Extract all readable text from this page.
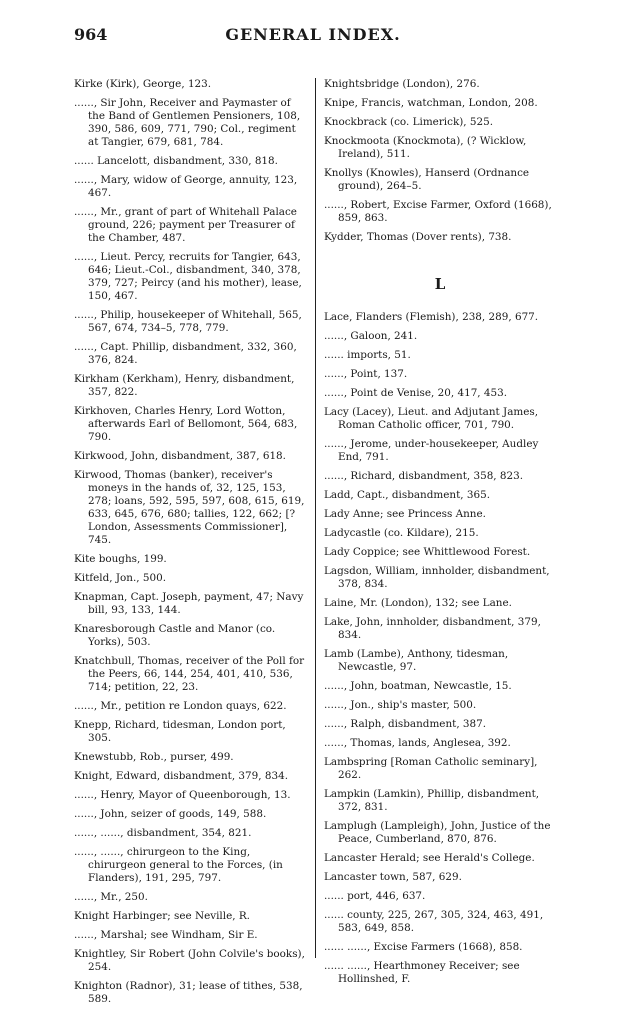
964	GENERAL INDEX.
Kirke (Kirk), George, 123.
......, Sir John, Receiver and Paymaster of the Band of Gentlemen Pensioners, 108, 390, 586, 609, 771, 790; Col., regiment at Tangier, 679, 681, 784.
...... Lancelott, disbandment, 330, 818.
......, Mary, widow of George, annuity, 123, 467.
......, Mr., grant of part of Whitehall Palace ground, 226; payment per Treasurer of the Chamber, 487.
......, Lieut. Percy, recruits for Tangier, 643, 646; Lieut.-Col., disbandment, 340, 378, 379, 727; Peircy (and his mother), lease, 150, 467.
......, Philip, housekeeper of Whitehall, 565, 567, 674, 734–5, 778, 779.
......, Capt. Phillip, disbandment, 332, 360, 376, 824.
Kirkham (Kerkham), Henry, disbandment, 357, 822.
Kirkhoven, Charles Henry, Lord Wotton, afterwards Earl of Bellomont, 564, 683, 790.
Kirkwood, John, disbandment, 387, 618.
Kirwood, Thomas (banker), receiver's moneys in the hands of, 32, 125, 153, 278; loans, 592, 595, 597, 608, 615, 619, 633, 645, 676, 680; tallies, 122, 662; [? London, Assessments Commissioner], 745.
Kite boughs, 199.
Kitfeld, Jon., 500.
Knapman, Capt. Joseph, payment, 47; Navy bill, 93, 133, 144.
Knaresborough Castle and Manor (co. Yorks), 503.
Knatchbull, Thomas, receiver of the Poll for the Peers, 66, 144, 254, 401, 410, 536, 714; petition, 22, 23.
......, Mr., petition re London quays, 622.
Knepp, Richard, tidesman, London port, 305.
Knewstubb, Rob., purser, 499.
Knight, Edward, disbandment, 379, 834.
......, Henry, Mayor of Queenborough, 13.
......, John, seizer of goods, 149, 588.
......, ......, disbandment, 354, 821.
......, ......, chirurgeon to the King, chirurgeon general to the Forces, (in Flanders), 191, 295, 797.
......, Mr., 250.
Knight Harbinger; see Neville, R.
......, Marshal; see Windham, Sir E.
Knightley, Sir Robert (John Colvile's books), 254.
Knighton (Radnor), 31; lease of tithes, 538, 589.
Knightsbridge (London), 276.
Knipe, Francis, watchman, London, 208.
Knockbrack (co. Limerick), 525.
Knockmoota (Knockmota), (? Wicklow, Ireland), 511.
Knollys (Knowles), Hanserd (Ordnance ground), 264–5.
......, Robert, Excise Farmer, Oxford (1668), 859, 863.
Kydder, Thomas (Dover rents), 738.
L
Lace, Flanders (Flemish), 238, 289, 677.
......, Galoon, 241.
...... imports, 51.
......, Point, 137.
......, Point de Venise, 20, 417, 453.
Lacy (Lacey), Lieut. and Adjutant James, Roman Catholic officer, 701, 790.
......, Jerome, under-housekeeper, Audley End, 791.
......, Richard, disbandment, 358, 823.
Ladd, Capt., disbandment, 365.
Lady Anne; see Princess Anne.
Ladycastle (co. Kildare), 215.
Lady Coppice; see Whittlewood Forest.
Lagsdon, William, innholder, disbandment, 378, 834.
Laine, Mr. (London), 132; see Lane.
Lake, John, innholder, disbandment, 379, 834.
Lamb (Lambe), Anthony, tidesman, Newcastle, 97.
......, John, boatman, Newcastle, 15.
......, Jon., ship's master, 500.
......, Ralph, disbandment, 387.
......, Thomas, lands, Anglesea, 392.
Lambspring [Roman Catholic seminary], 262.
Lampkin (Lamkin), Phillip, disbandment, 372, 831.
Lamplugh (Lampleigh), John, Justice of the Peace, Cumberland, 870, 876.
Lancaster Herald; see Herald's College.
Lancaster town, 587, 629.
...... port, 446, 637.
...... county, 225, 267, 305, 324, 463, 491, 583, 649, 858.
...... ......, Excise Farmers (1668), 858.
...... ......, Hearthmoney Receiver; see Hollinshed, F.
